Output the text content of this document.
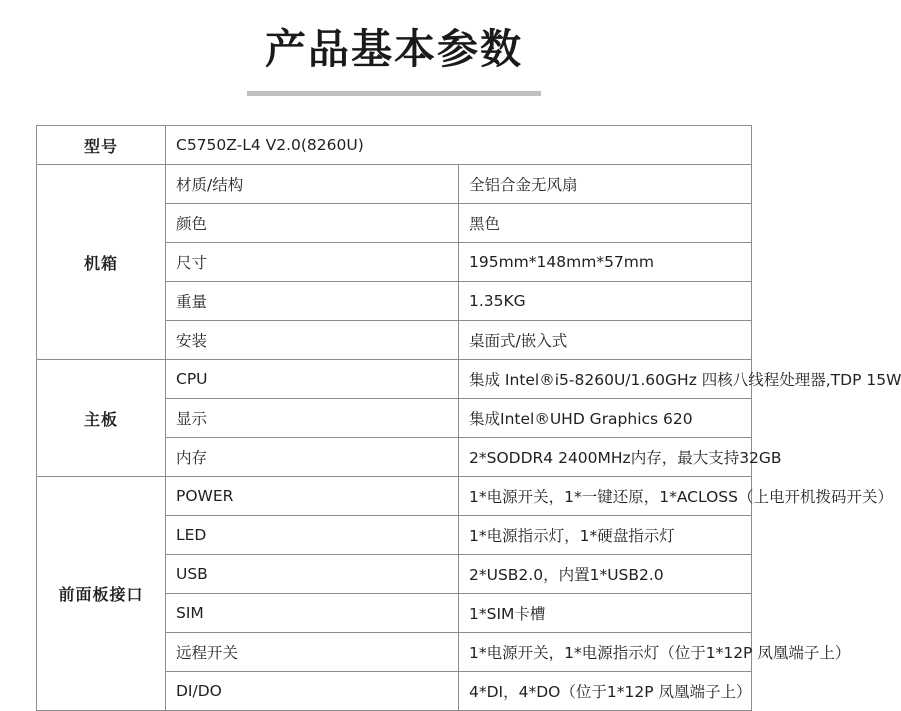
产品基本参数
型号	C5750Z-L4 V2.0(8260U)	
机箱	材质/结构	全铝合金无风扇
	颜色	黑色
	尺寸	195mm*148mm*57mm
	重量	1.35KG
	安装	桌面式/嵌入式
主板	CPU	集成 Intel®i5-8260U/1.60GHz 四核八线程处理器,TDP 15W
	显示	集成Intel®UHD Graphics 620
	内存	2*SODDR4 2400MHz内存，最大支持32GB
前面板接口	POWER	1*电源开关，1*一键还原，1*ACLOSS（上电开机拨码开关）
	LED	1*电源指示灯，1*硬盘指示灯
	USB	2*USB2.0，内置1*USB2.0
	SIM	1*SIM卡槽
	远程开关	1*电源开关，1*电源指示灯（位于1*12P 凤凰端子上）
	DI/DO	4*DI，4*DO（位于1*12P 凤凰端子上）
